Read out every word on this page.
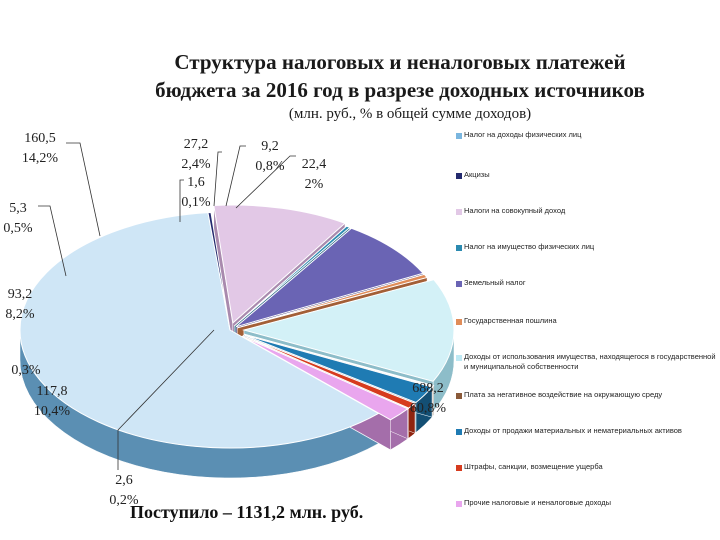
688,2
60,8%
2,6
0,2%
117,8
10,4%
0,3%
93,2
8,2%
5,3
0,5%
160,5
14,2%
1,6
0,1%
27,2
2,4%
9,2
0,8% 22,4
2%
Структура налоговых и неналоговых платежей
бюджета за 2016 год в разрезе доходных источников
(млн. руб., % в общей сумме доходов)
Налог на доходы физических лиц
Акцизы
Налоги на совокупный доход
Налог на имущество физических лиц
Земельный налог
Государственная пошлина
Доходы от использования имущества, находящегося в государственной и муниципальной собственности
Плата за негативное воздействие на окружающую среду
Доходы от продажи материальных и нематериальных активов
Штрафы, санкции, возмещение ущерба
Прочие налоговые и неналоговые доходы
Поступило – 1131,2 млн. руб.
